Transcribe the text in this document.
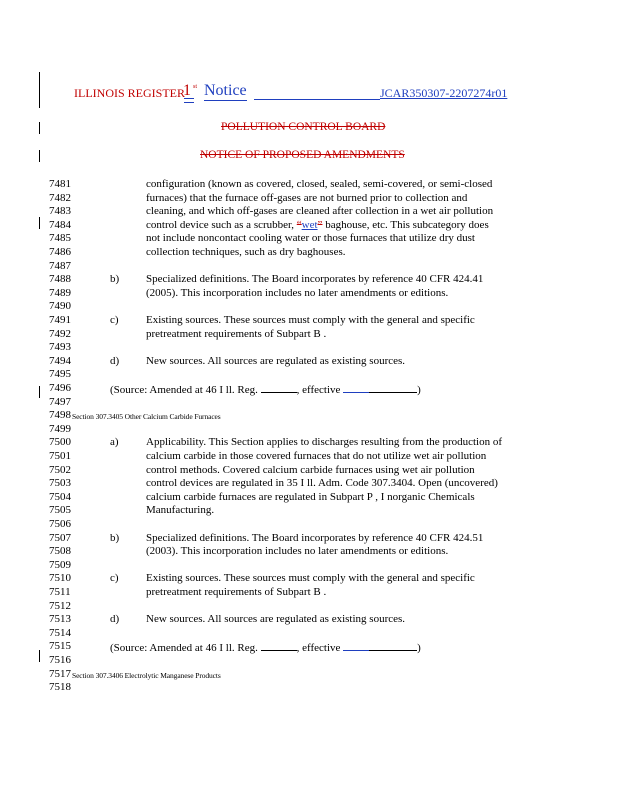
ILLINOIS REGISTER
1 st Notice	JCAR350307-2207274r01
POLLUTION CONTROL BOARD
NOTICE OF PROPOSED AMENDMENTS
7481
7482
7483
7484
7485
7486
7487
7488
7489
7490
7491
7492
7493
7494
7495
7496
7497
7498
7499
7500
7501
7502
7503
7504
7505
7506
7507
7508
7509
7510
7511
7512
7513
7514
7515
7516
7517
7518
configuration (known as covered, closed, sealed, semi-covered, or semi-closed
furnaces) that the furnace off-gases are not burned prior to collection and
cleaning, and which off-gases are cleaned after collection in a wet air pollution
control device such as a scrubber, “wet” baghouse, etc. This subcategory does
not include noncontact cooling water or those furnaces that utilize dry dust
collection techniques, such as dry baghouses.
b) Specialized definitions. The Board incorporates by reference 40 CFR 424.41
(2005). This incorporation includes no later amendments or editions.
c) Existing sources. These sources must comply with the general and specific
pretreatment requirements of Subpart B .
d) New sources. All sources are regulated as existing sources.
(Source: Amended at 46 I ll. Reg.	, effective	)
Section 307.3405 Other Calcium Carbide Furnaces
a) Applicability. This Section applies to discharges resulting from the production of
calcium carbide in those covered furnaces that do not utilize wet air pollution
control methods. Covered calcium carbide furnaces using wet air pollution
control devices are regulated in 35 I ll. Adm. Code 307.3404. Open (uncovered)
calcium carbide furnaces are regulated in Subpart P , I norganic Chemicals
Manufacturing.
b) Specialized definitions. The Board incorporates by reference 40 CFR 424.51
(2003). This incorporation includes no later amendments or editions.
c) Existing sources. These sources must comply with the general and specific
pretreatment requirements of Subpart B .
d) New sources. All sources are regulated as existing sources.
(Source: Amended at 46 I ll. Reg.	, effective	)
Section 307.3406 Electrolytic Manganese Products
